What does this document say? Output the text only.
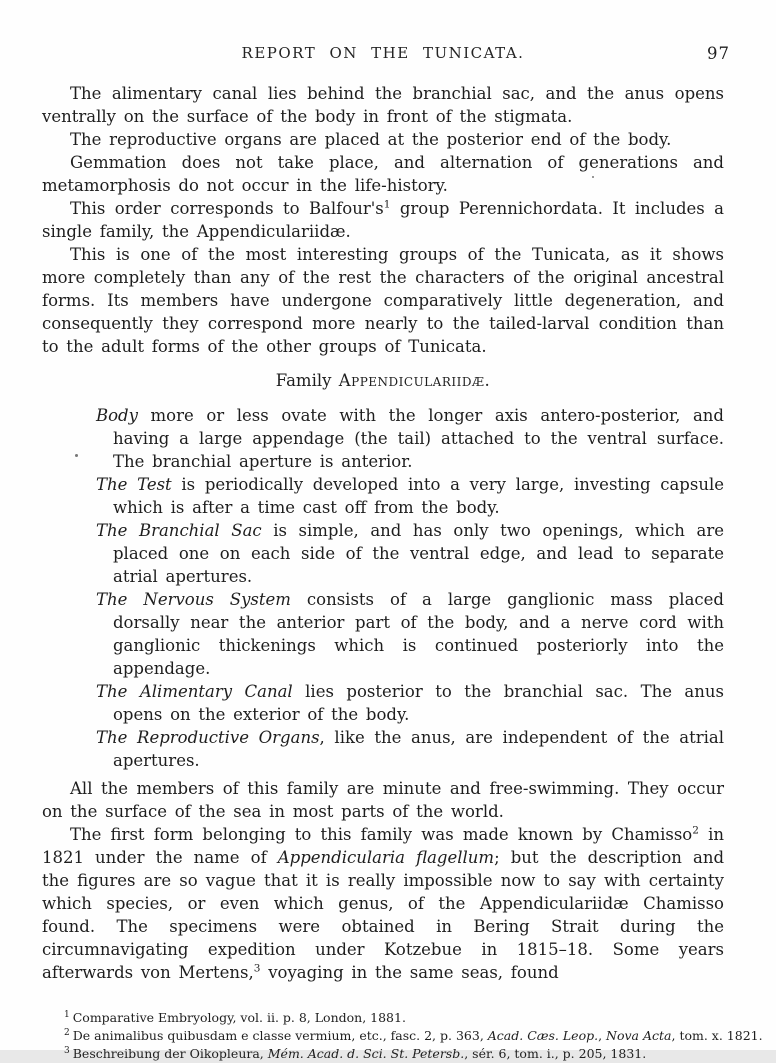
REPORT ON THE TUNICATA.	97

The alimentary canal lies behind the branchial sac, and the anus opens ventrally on the surface of the body in front of the stigmata.

The reproductive organs are placed at the posterior end of the body.

Gemmation does not take place, and alternation of generations and metamorphosis do not occur in the life-history.

This order corresponds to $Balfour's^1$ group Perennichordata. It includes a single family, the Appendiculariidæ.

This is one of the most interesting groups of the Tunicata, as it shows more completely than any of the rest the characters of the original ancestral forms. Its members have undergone comparatively little degeneration, and consequently they correspond more nearly to the tailed-larval condition than to the adult forms of the other groups of Tunicata.

Family Appendiculariidæ.

Body more or less ovate with the longer axis antero-posterior, and having a large appendage (the tail) attached to the ventral surface. The branchial aperture is anterior.

The Test is periodically developed into a very large, investing capsule which is after a time cast off from the body.

The Branchial Sac is simple, and has only two openings, which are placed one on each side of the ventral edge, and lead to separate atrial apertures.

The Nervous System consists of a large ganglionic mass placed dorsally near the anterior part of the body, and a nerve cord with ganglionic thickenings which is continued posteriorly into the appendage.

The Alimentary Canal lies posterior to the branchial sac. The anus opens on the exterior of the body.

The Reproductive Organs, like the anus, are independent of the atrial apertures.

All the members of this family are minute and free-swimming. They occur on the surface of the sea in most parts of the world.

The first form belonging to this family was made known by Chamisso$^2$ in 1821 under the name of Appendicularia flagellum; but the description and the figures are so vague that it is really impossible now to say with certainty which species, or even which genus, of the Appendiculariidæ Chamisso found. The specimens were obtained in Bering Strait during the circumnavigating expedition under Kotzebue in 1815–18. Some years afterwards von Mertens,$^3$ voyaging in the same seas, found

$^1$ Comparative Embryology, vol. ii. p. 8, London, 1881.

$^2$ De animalibus quibusdam e classe vermium, etc., fasc. 2, p. 363, Acad. Cæs. Leop., Nova Acta, tom. x. 1821.

$^3$ Beschreibung der Oikopleura, Mém. Acad. d. Sci. St. Petersb., sér. 6, tom. i., p. 205, 1831.
